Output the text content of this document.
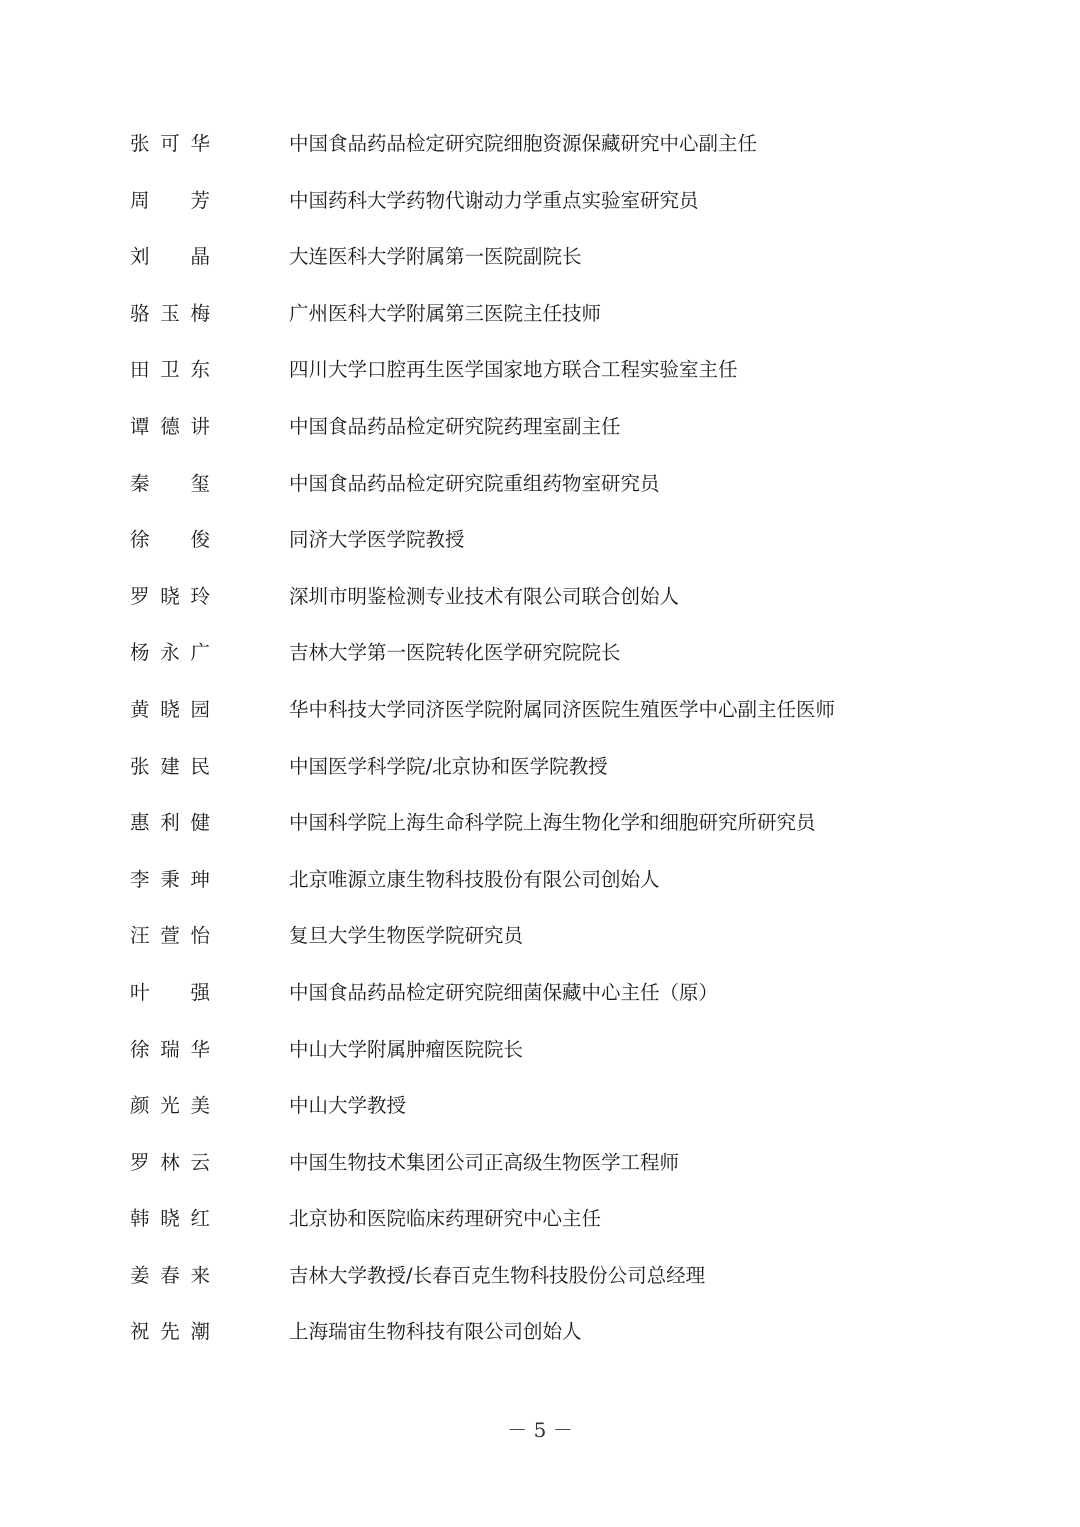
张可华	中国食品药品检定研究院细胞资源保藏研究中心副主任
周　芳	中国药科大学药物代谢动力学重点实验室研究员
刘　晶	大连医科大学附属第一医院副院长
骆玉梅	广州医科大学附属第三医院主任技师
田卫东	四川大学口腔再生医学国家地方联合工程实验室主任
谭德讲	中国食品药品检定研究院药理室副主任
秦　玺	中国食品药品检定研究院重组药物室研究员
徐　俊	同济大学医学院教授
罗晓玲	深圳市明鉴检测专业技术有限公司联合创始人
杨永广	吉林大学第一医院转化医学研究院院长
黄晓园	华中科技大学同济医学院附属同济医院生殖医学中心副主任医师
张建民	中国医学科学院/北京协和医学院教授
惠利健	中国科学院上海生命科学院上海生物化学和细胞研究所研究员
李秉珅	北京唯源立康生物科技股份有限公司创始人
汪萱怡	复旦大学生物医学院研究员
叶　强	中国食品药品检定研究院细菌保藏中心主任（原）
徐瑞华	中山大学附属肿瘤医院院长
颜光美	中山大学教授
罗林云	中国生物技术集团公司正高级生物医学工程师
韩晓红	北京协和医院临床药理研究中心主任
姜春来	吉林大学教授/长春百克生物科技股份公司总经理
祝先潮	上海瑞宙生物科技有限公司创始人
－ 5 －
